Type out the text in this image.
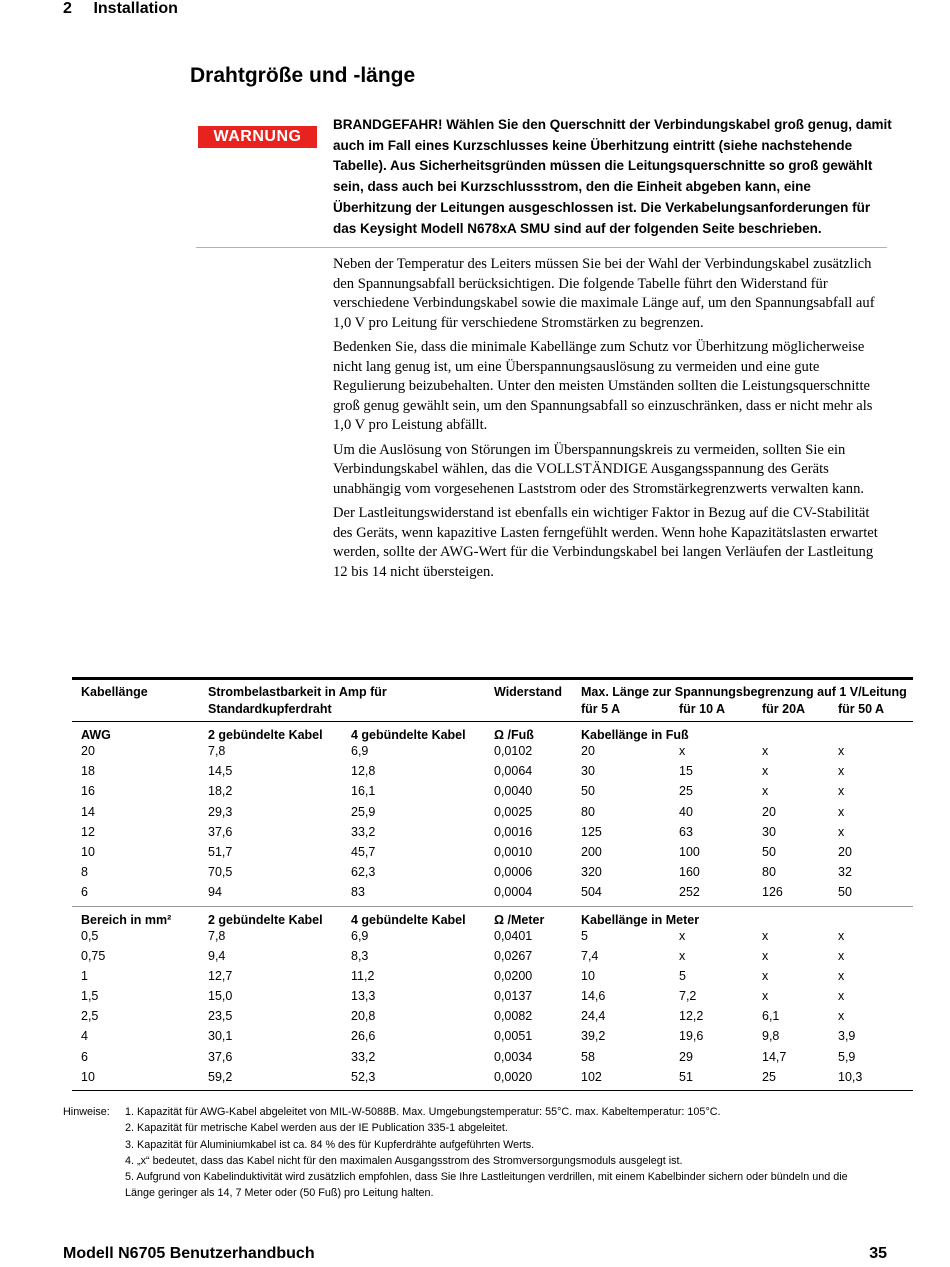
2 Installation
Drahtgröße und -länge
WARNUNG
BRANDGEFAHR! Wählen Sie den Querschnitt der Verbindungskabel groß genug, damit auch im Fall eines Kurzschlusses keine Überhitzung eintritt (siehe nachstehende Tabelle). Aus Sicherheitsgründen müssen die Leitungsquerschnitte so groß gewählt sein, dass auch bei Kurzschlussstrom, den die Einheit abgeben kann, eine Überhitzung der Leitungen ausgeschlossen ist. Die Verkabelungsanforderungen für das Keysight Modell N678xA SMU sind auf der folgenden Seite beschrieben.

Neben der Temperatur des Leiters müssen Sie bei der Wahl der Verbindungskabel zusätzlich den Spannungsabfall berücksichtigen. Die folgende Tabelle führt den Widerstand für verschiedene Verbindungskabel sowie die maximale Länge auf, um den Spannungsabfall auf 1,0 V pro Leitung für verschiedene Stromstärken zu begrenzen.

Bedenken Sie, dass die minimale Kabellänge zum Schutz vor Überhitzung möglicherweise nicht lang genug ist, um eine Überspannungsauslösung zu vermeiden und eine gute Regulierung beizubehalten. Unter den meisten Umständen sollten die Leistungsquerschnitte groß genug gewählt sein, um den Spannungsabfall so einzuschränken, dass er nicht mehr als 1,0 V pro Leistung abfällt.

Um die Auslösung von Störungen im Überspannungskreis zu vermeiden, sollten Sie ein Verbindungskabel wählen, das die VOLLSTÄNDIGE Ausgangsspannung des Geräts unabhängig vom vorgesehenen Laststrom oder des Stromstärkegrenzwerts verwalten kann.

Der Lastleitungswiderstand ist ebenfalls ein wichtiger Faktor in Bezug auf die CV-Stabilität des Geräts, wenn kapazitive Lasten ferngefühlt werden. Wenn hohe Kapazitätslasten erwartet werden, sollte der AWG-Wert für die Verbindungskabel bei langen Verläufen der Lastleitung 12 bis 14 nicht übersteigen.

Kabellänge	Strombelastbarkeit in Amp für		Widerstand	Max. Länge zur Spannungsbegrenzung auf 1 V/Leitung			
	Standardkupferdraht			für 5 A	für 10 A	für 20A	für 50 A
AWG	2 gebündelte Kabel	4 gebündelte Kabel	Ω /Fuß	Kabellänge in Fuß			
20	7,8	6,9	0,0102	20	x	x	x
18	14,5	12,8	0,0064	30	15	x	x
16	18,2	16,1	0,0040	50	25	x	x
14	29,3	25,9	0,0025	80	40	20	x
12	37,6	33,2	0,0016	125	63	30	x
10	51,7	45,7	0,0010	200	100	50	20
8	70,5	62,3	0,0006	320	160	80	32
6	94	83	0,0004	504	252	126	50
Bereich in mm²	2 gebündelte Kabel	4 gebündelte Kabel	Ω /Meter	Kabellänge in Meter			
0,5	7,8	6,9	0,0401	5	x	x	x
0,75	9,4	8,3	0,0267	7,4	x	x	x
1	12,7	11,2	0,0200	10	5	x	x
1,5	15,0	13,3	0,0137	14,6	7,2	x	x
2,5	23,5	20,8	0,0082	24,4	12,2	6,1	x
4	30,1	26,6	0,0051	39,2	19,6	9,8	3,9
6	37,6	33,2	0,0034	58	29	14,7	5,9
10	59,2	52,3	0,0020	102	51	25	10,3
Hinweise: 1. Kapazität für AWG-Kabel abgeleitet von MIL-W-5088B. Max. Umgebungstemperatur: 55°C. max. Kabeltemperatur: 105°C.
2. Kapazität für metrische Kabel werden aus der IE Publication 335-1 abgeleitet.
3. Kapazität für Aluminiumkabel ist ca. 84 % des für Kupferdrähte aufgeführten Werts.
4. „x“ bedeutet, dass das Kabel nicht für den maximalen Ausgangsstrom des Stromversorgungsmoduls ausgelegt ist.
5. Aufgrund von Kabelinduktivität wird zusätzlich empfohlen, dass Sie Ihre Lastleitungen verdrillen, mit einem Kabelbinder sichern oder bündeln und die
Länge geringer als 14, 7 Meter oder (50 Fuß) pro Leitung halten.
Modell N6705 Benutzerhandbuch	35
